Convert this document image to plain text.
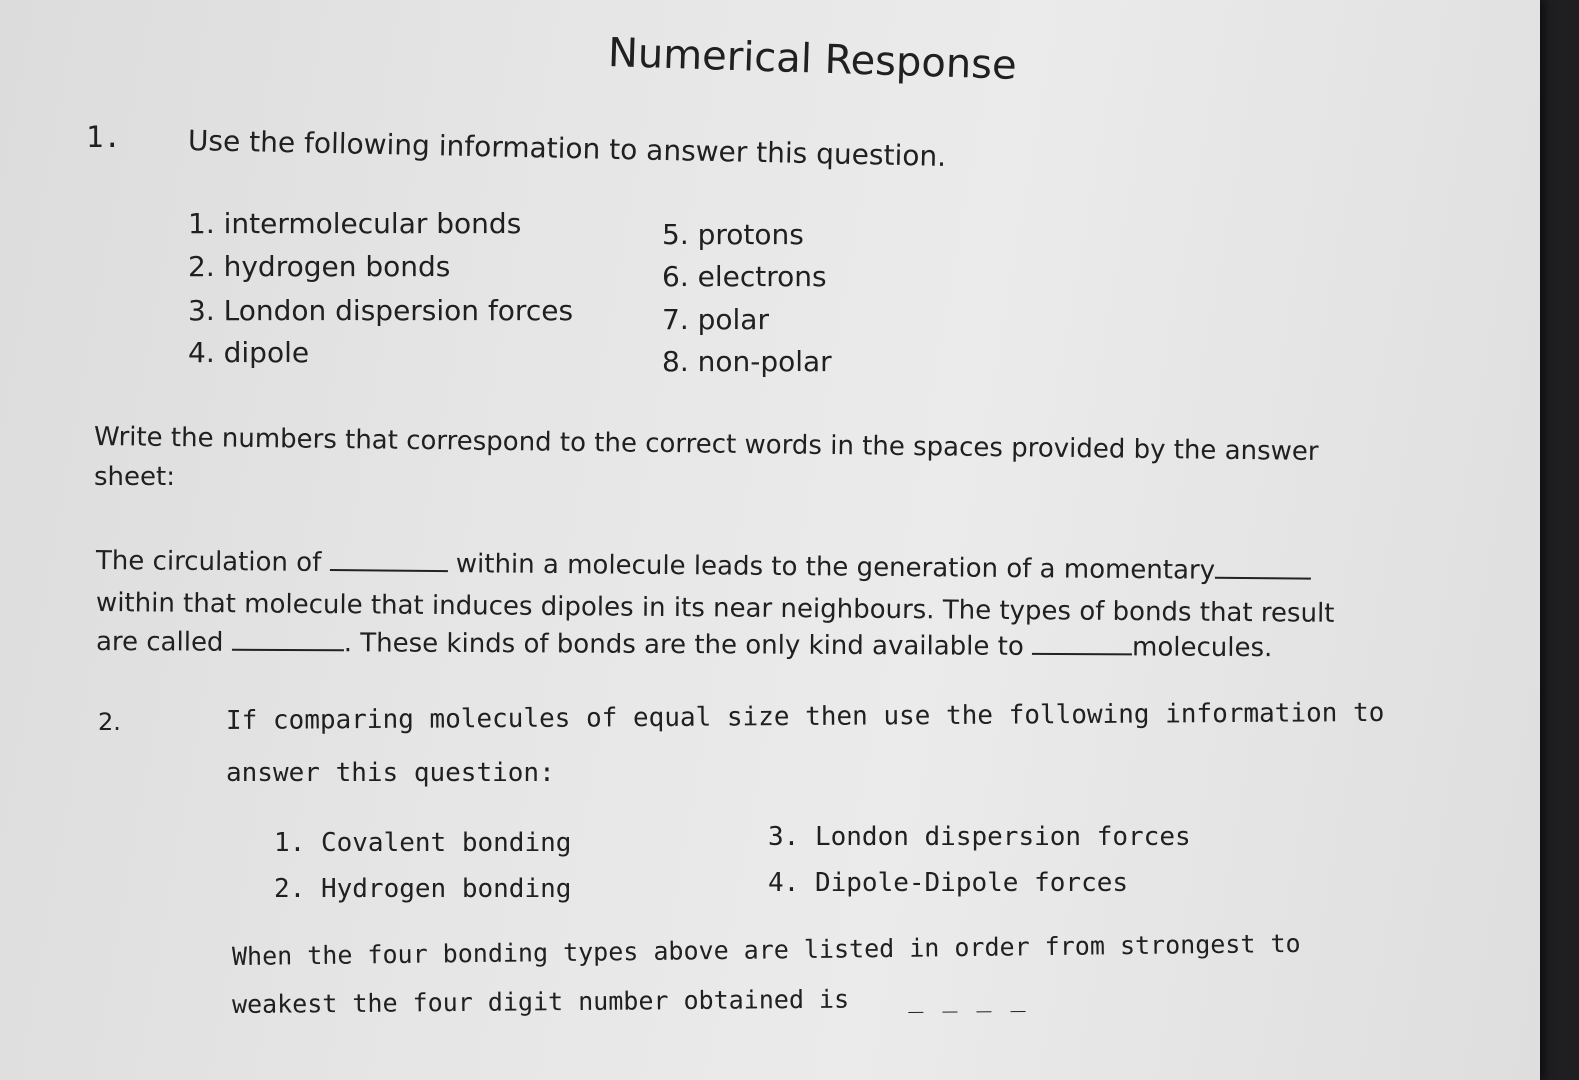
Numerical Response
1. Use the following information to answer this question.
1. intermolecular bonds
2. hydrogen bonds
3. London dispersion forces
4. dipole
5. protons
6. electrons
7. polar
8. non-polar
Write the numbers that correspond to the correct words in the spaces provided by the answer
sheet:
The circulation of	within a molecule leads to the generation of a momentary
within that molecule that induces dipoles in its near neighbours. The types of bonds that result
are called	. These kinds of bonds are the only kind available to	molecules.
2.	If comparing molecules of equal size then use the following information to
answer this question:
1. Covalent bonding
2. Hydrogen bonding
3. London dispersion forces
4. Dipole-Dipole forces
When the four bonding types above are listed in order from strongest to
weakest the four digit number obtained is _ _ _ _
